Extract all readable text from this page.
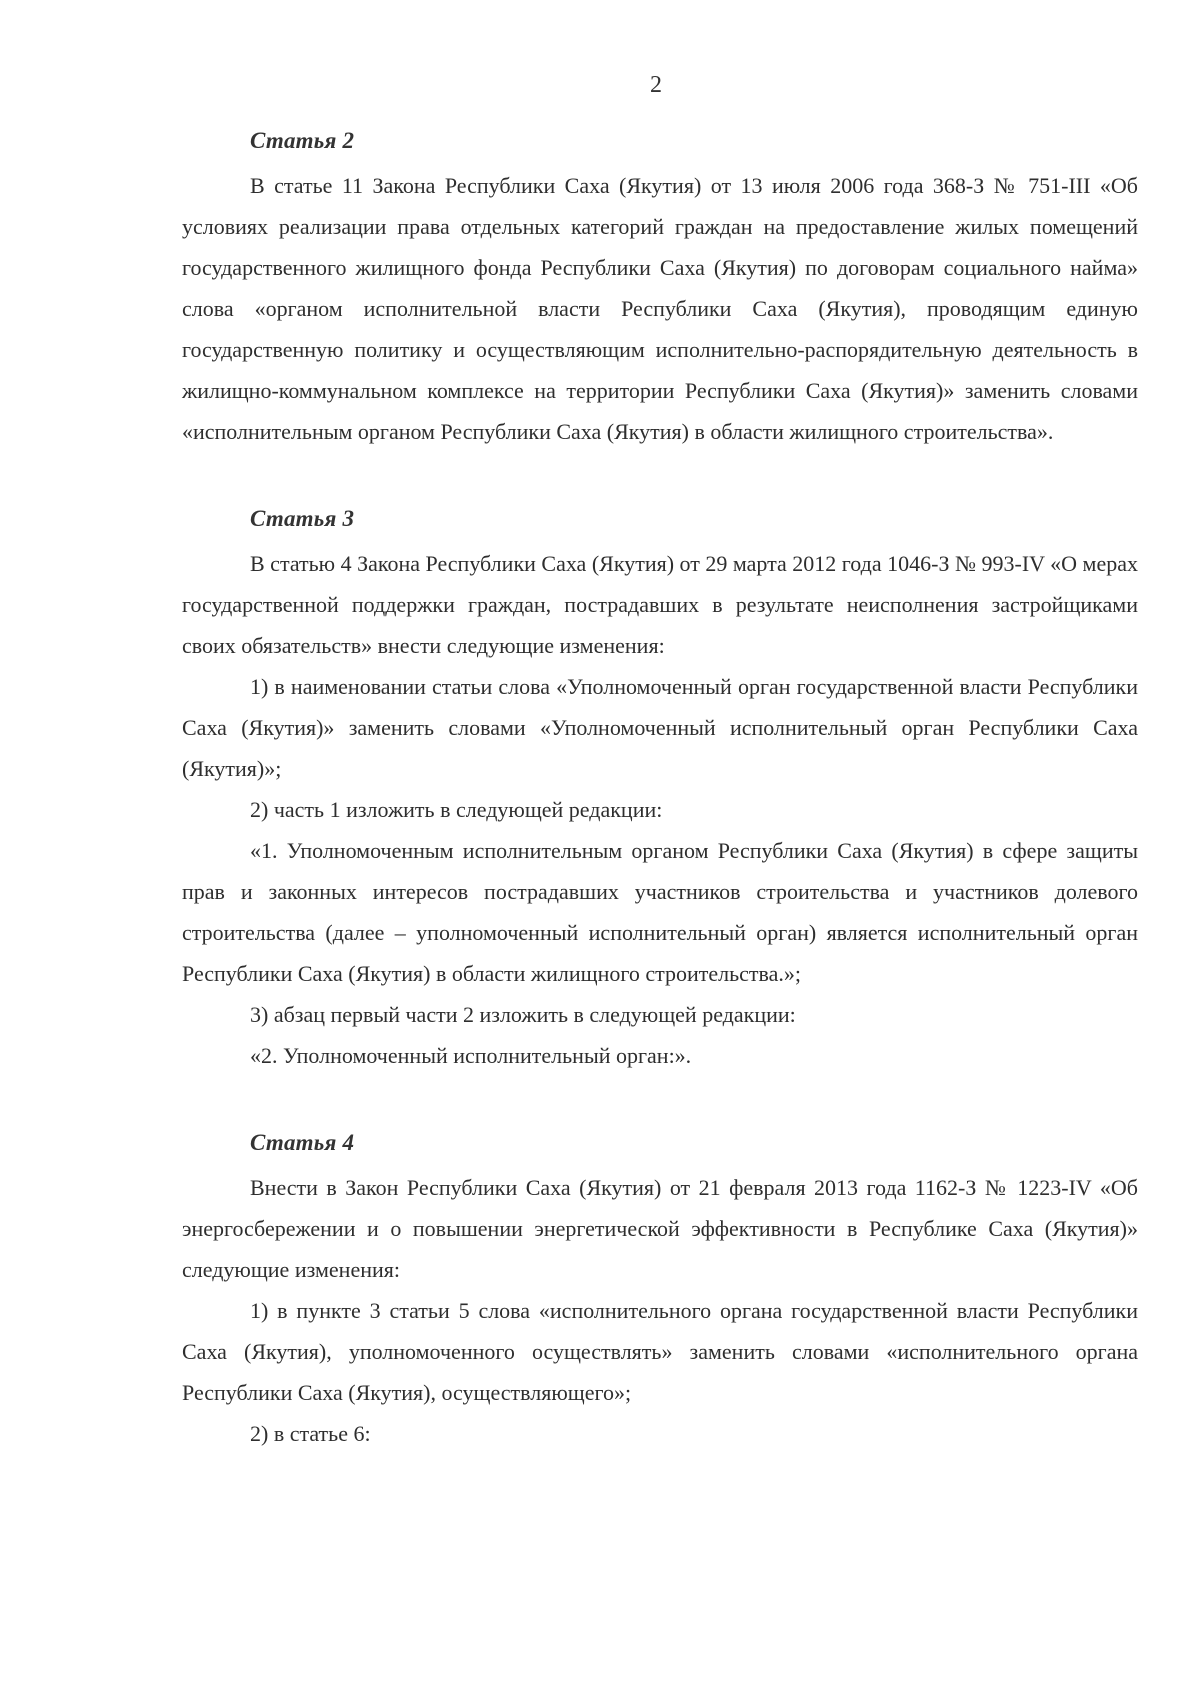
2
Статья 2

В статье 11 Закона Республики Саха (Якутия) от 13 июля 2006 года 368-З № 751-III «Об условиях реализации права отдельных категорий граждан на предоставление жилых помещений государственного жилищного фонда Республики Саха (Якутия) по договорам социального найма» слова «органом исполнительной власти Республики Саха (Якутия), проводящим единую государственную политику и осуществляющим исполнительно-распорядительную деятельность в жилищно-коммунальном комплексе на территории Республики Саха (Якутия)» заменить словами «исполнительным органом Республики Саха (Якутия) в области жилищного строительства».

Статья 3

В статью 4 Закона Республики Саха (Якутия) от 29 марта 2012 года 1046-З № 993-IV «О мерах государственной поддержки граждан, пострадавших в результате неисполнения застройщиками своих обязательств» внести следующие изменения:

1) в наименовании статьи слова «Уполномоченный орган государственной власти Республики Саха (Якутия)» заменить словами «Уполномоченный исполнительный орган Республики Саха (Якутия)»;

2) часть 1 изложить в следующей редакции:

«1. Уполномоченным исполнительным органом Республики Саха (Якутия) в сфере защиты прав и законных интересов пострадавших участников строительства и участников долевого строительства (далее – уполномоченный исполнительный орган) является исполнительный орган Республики Саха (Якутия) в области жилищного строительства.»;

3) абзац первый части 2 изложить в следующей редакции:

«2. Уполномоченный исполнительный орган:».

Статья 4

Внести в Закон Республики Саха (Якутия) от 21 февраля 2013 года 1162-З № 1223-IV «Об энергосбережении и о повышении энергетической эффективности в Республике Саха (Якутия)» следующие изменения:

1) в пункте 3 статьи 5 слова «исполнительного органа государственной власти Республики Саха (Якутия), уполномоченного осуществлять» заменить словами «исполнительного органа Республики Саха (Якутия), осуществляющего»;

2) в статье 6:
